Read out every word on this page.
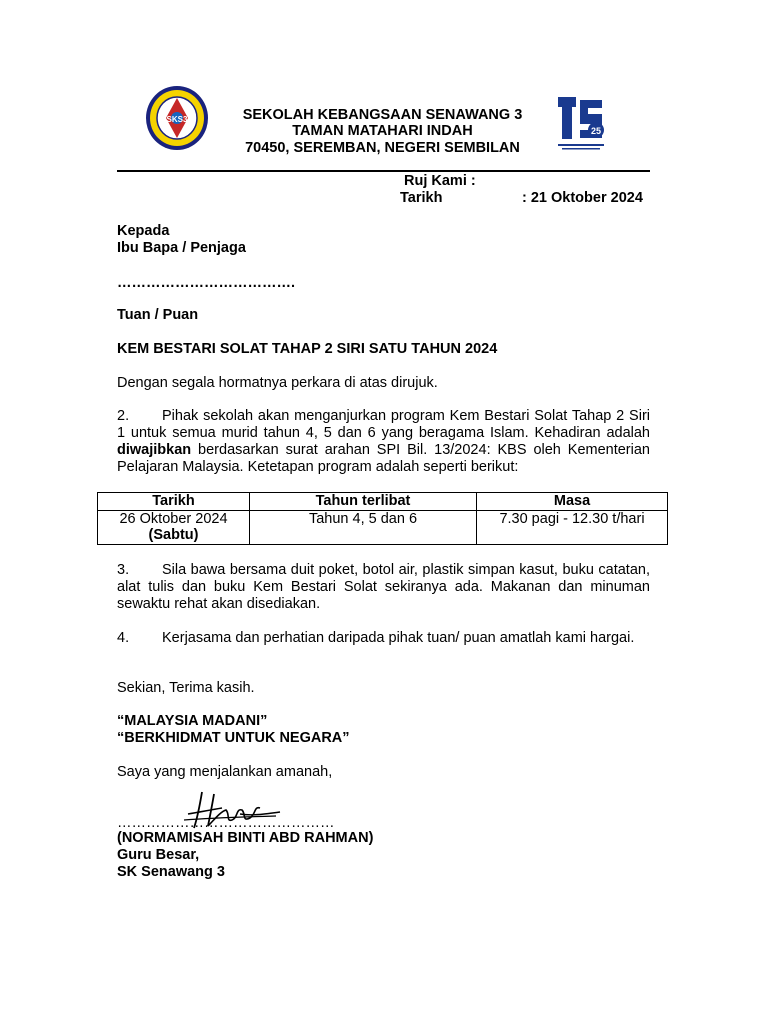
SKS3	SEKOLAH KEBANGSAAN SENAWANG 3
TAMAN MATAHARI INDAH
70450, SEREMBAN, NEGERI SEMBILAN
25
Ruj Kami :
Tarikh	: 21 Oktober 2024
Kepada
Ibu Bapa / Penjaga
……………………………….
Tuan / Puan
KEM BESTARI SOLAT TAHAP 2 SIRI SATU TAHUN 2024
Dengan segala hormatnya perkara di atas dirujuk.
2. Pihak sekolah akan menganjurkan program Kem Bestari Solat Tahap 2 Siri 1 untuk semua murid tahun 4, 5 dan 6 yang beragama Islam. Kehadiran adalah diwajibkan berdasarkan surat arahan SPI Bil. 13/2024: KBS oleh Kementerian Pelajaran Malaysia. Ketetapan program adalah seperti berikut:
Tarikh	Tahun terlibat	Masa

26 Oktober 2024
(Sabtu)	Tahun 4, 5 dan 6	7.30 pagi - 12.30 t/hari
3. Sila bawa bersama duit poket, botol air, plastik simpan kasut, buku catatan, alat tulis dan buku Kem Bestari Solat sekiranya ada. Makanan dan minuman sewaktu rehat akan disediakan.
4. Kerjasama dan perhatian daripada pihak tuan/ puan amatlah kami hargai.
Sekian, Terima kasih.
“MALAYSIA MADANI”
“BERKHIDMAT UNTUK NEGARA”
Saya yang menjalankan amanah,
………………………………………
(NORMAMISAH BINTI ABD RAHMAN)
Guru Besar,
SK Senawang 3
